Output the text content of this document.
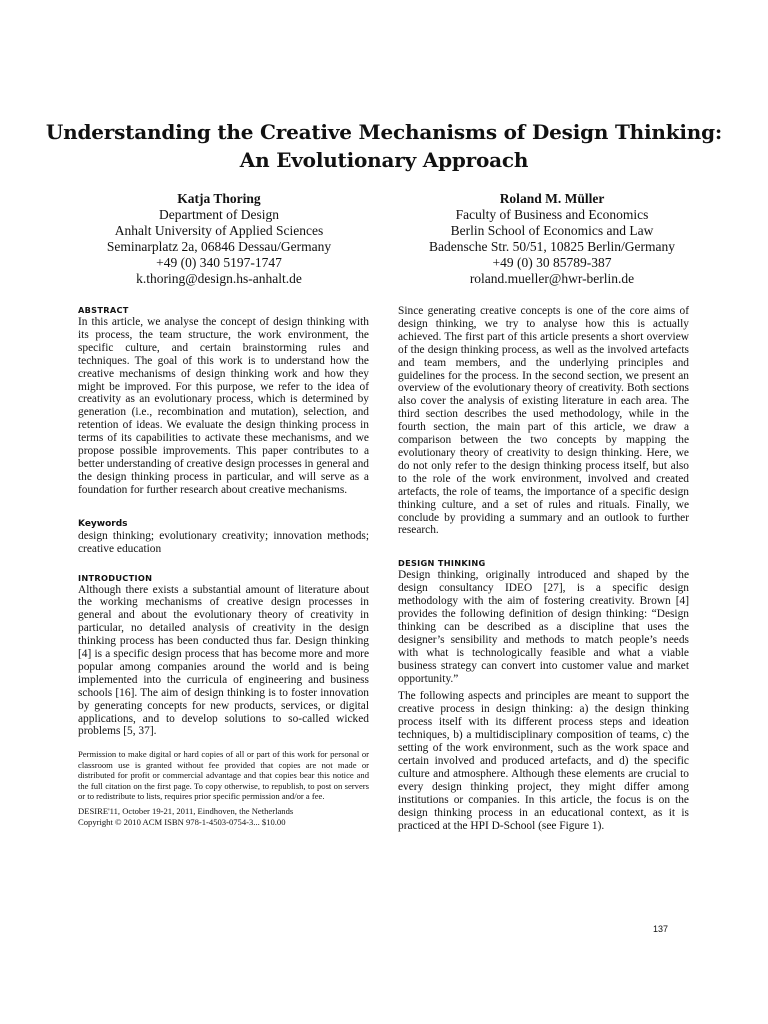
Understanding the Creative Mechanisms of Design Thinking:
An Evolutionary Approach
Katja Thoring
Department of Design
Anhalt University of Applied Sciences
Seminarplatz 2a, 06846 Dessau/Germany
+49 (0) 340 5197-1747
k.thoring@design.hs-anhalt.de
Roland M. Müller
Faculty of Business and Economics
Berlin School of Economics and Law
Badensche Str. 50/51, 10825 Berlin/Germany
+49 (0) 30 85789-387
roland.mueller@hwr-berlin.de
ABSTRACT

In this article, we analyse the concept of design thinking with its process, the team structure, the work environment, the specific culture, and certain brainstorming rules and techniques. The goal of this work is to understand how the creative mechanisms of design thinking work and how they might be improved. For this purpose, we refer to the idea of creativity as an evolutionary process, which is determined by generation (i.e., recombination and mutation), selection, and retention of ideas. We evaluate the design thinking process in terms of its capabilities to activate these mechanisms, and we propose possible improvements. This paper contributes to a better understanding of creative design processes in general and the design thinking process in particular, and will serve as a foundation for further research about creative mechanisms.

Keywords

design thinking; evolutionary creativity; innovation methods; creative education

INTRODUCTION

Although there exists a substantial amount of literature about the working mechanisms of creative design processes in general and about the evolutionary theory of creativity in particular, no detailed analysis of creativity in the design thinking process has been conducted thus far. Design thinking [4] is a specific design process that has become more and more popular among companies around the world and is being implemented into the curricula of engineering and business schools [16]. The aim of design thinking is to foster innovation by generating concepts for new products, services, or digital applications, and to develop solutions to so-called wicked problems [5, 37].

Permission to make digital or hard copies of all or part of this work for personal or classroom use is granted without fee provided that copies are not made or distributed for profit or commercial advantage and that copies bear this notice and the full citation on the first page. To copy otherwise, to republish, to post on servers or to redistribute to lists, requires prior specific permission and/or a fee.

DESIRE'11, October 19-21, 2011, Eindhoven, the Netherlands

Copyright © 2010 ACM ISBN 978-1-4503-0754-3... $10.00

Since generating creative concepts is one of the core aims of design thinking, we try to analyse how this is actually achieved. The first part of this article presents a short overview of the design thinking process, as well as the involved artefacts and team members, and the underlying principles and guidelines for the process. In the second section, we present an overview of the evolutionary theory of creativity. Both sections also cover the analysis of existing literature in each area. The third section describes the used methodology, while in the fourth section, the main part of this article, we draw a comparison between the two concepts by mapping the evolutionary theory of creativity to design thinking. Here, we do not only refer to the design thinking process itself, but also to the role of the work environment, involved and created artefacts, the role of teams, the importance of a specific design thinking culture, and a set of rules and rituals. Finally, we conclude by providing a summary and an outlook to further research.

DESIGN THINKING

Design thinking, originally introduced and shaped by the design consultancy IDEO [27], is a specific design methodology with the aim of fostering creativity. Brown [4] provides the following definition of design thinking: “Design thinking can be described as a discipline that uses the designer’s sensibility and methods to match people’s needs with what is technologically feasible and what a viable business strategy can convert into customer value and market opportunity.”

The following aspects and principles are meant to support the creative process in design thinking: a) the design thinking process itself with its different process steps and ideation techniques, b) a multidisciplinary composition of teams, c) the setting of the work environment, such as the work space and certain involved and produced artefacts, and d) the specific culture and atmosphere. Although these elements are crucial to every design thinking project, they might differ among institutions or companies. In this article, the focus is on the design thinking process in an educational context, as it is practiced at the HPI D-School (see Figure 1).

137
